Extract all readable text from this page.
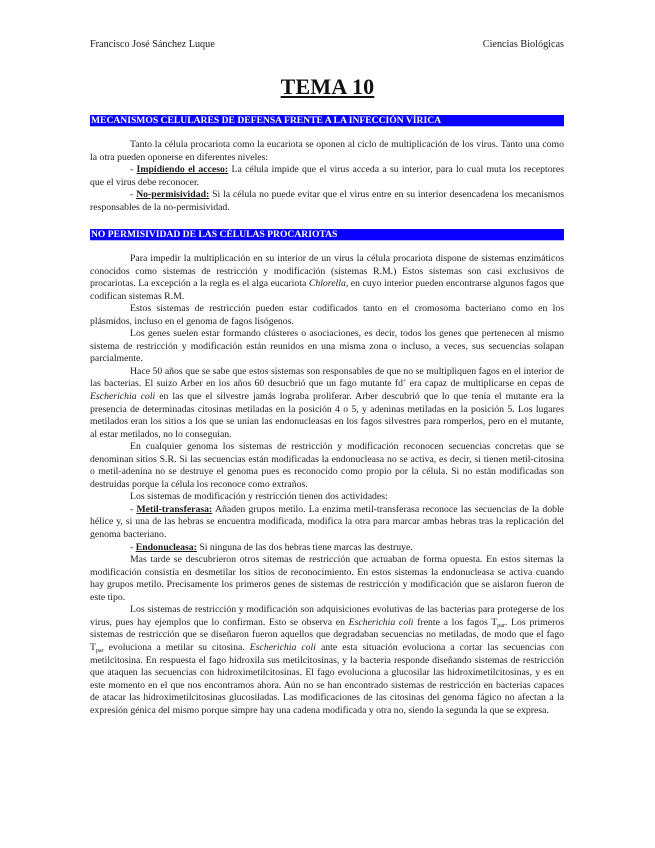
Francisco José Sánchez Luque	Ciencias Biológicas
TEMA 10
MECANISMOS CELULARES DE DEFENSA FRENTE A LA INFECCIÓN VÍRICA

Tanto la célula procariota como la eucariota se oponen al ciclo de multiplicación de los virus. Tanto una como la otra pueden oponerse en diferentes niveles:

- Impidiendo el acceso: La célula impide que el virus acceda a su interior, para lo cual muta los receptores que el virus debe reconocer.

- No-permisividad: Si la célula no puede evitar que el virus entre en su interior desencadena los mecanismos responsables de la no-permisividad.

NO PERMISIVIDAD DE LAS CÉLULAS PROCARIOTAS

Para impedir la multiplicación en su interior de un virus la célula procariota dispone de sistemas enzimáticos conocidos como sistemas de restricción y modificación (sistemas R.M.) Estos sistemas son casi exclusivos de procariotas. La excepción a la regla es el alga eucariota Chlorella, en cuyo interior pueden encontrarse algunos fagos que codifican sistemas R.M.

Estos sistemas de restricción pueden estar codificados tanto en el cromosoma bacteriano como en los plásmidos, incluso en el genoma de fagos lisógenos.

Los genes suelen estar formando clústeres o asociaciones, es decir, todos los genes que pertenecen al mismo sistema de restricción y modificación están reunidos en una misma zona o incluso, a veces, sus secuencias solapan parcialmente.

Hace 50 años que se sabe que estos sistemas son responsables de que no se multipliquen fagos en el interior de las bacterias. El suizo Arber en los años 60 desucbrió que un fago mutante fd+ era capaz de multiplicarse en cepas de Escherichia coli en las que el silvestre jamás lograba proliferar. Arber descubrió que lo que tenía el mutante era la presencia de determinadas citosinas metiladas en la posición 4 o 5, y adeninas metiladas en la posición 5. Los lugares metilados eran los sitios a los que se unían las endonucleasas en los fagos silvestres para romperlos, pero en el mutante, al estar metilados, no lo conseguían.

En cualquier genoma los sistemas de restricción y modificación reconocen secuencias concretas que se denominan sitios S.R. Si las secuencias están modificadas la endonucleasa no se activa, es decir, si tienen metil-citosina o metil-adenina no se destruye el genoma pues es reconocido como propio por la célula. Si no están modificadas son destruidas porque la célula los reconoce como extraños.

Los sistemas de modificación y restricción tienen dos actividades:

- Metil-transferasa: Añaden grupos metilo. La enzima metil-transferasa reconoce las secuencias de la doble hélice y, si una de las hebras se encuentra modificada, modifica la otra para marcar ambas hebras tras la replicación del genoma bacteriano.

- Endonucleasa: Si ninguna de las dos hebras tiene marcas las destruye.

Mas tarde se descubrieron otros sitemas de restricción que actuaban de forma opuesta. En estos sitemas la modificación consistía en desmetilar los sitios de reconocimiento. En estos sistemas la endonucleasa se activa cuando hay grupos metilo. Precisamente los primeros genes de sistemas de restricción y modificación que se aislaron fueron de este tipo.

Los sistemas de restricción y modificación son adquisiciones evolutivas de las bacterias para protegerse de los virus, pues hay ejemplos que lo confirman. Esto se observa en Escherichia coli frente a los fagos $T_{par}$. Los primeros sistemas de restricción que se diseñaron fueron aquellos que degradaban secuencias no metiladas, de modo que el fago $T_{par}$ evoluciona a metilar su citosina. Escherichia coli ante esta situación evoluciona a cortar las secuencias con metilcitosina. En respuesta el fago hidroxila sus metilcitosinas, y la bacteria responde diseñando sistemas de restricción que ataquen las secuencias con hidroximetilcitosinas. El fago evoluciona a glucosilar las hidroximetilcitosinas, y es en este momento en el que nos encontramos ahora. Aún no se han encontrado sistemas de restricción en bacterias capaces de atacar las hidroximetilcitosinas glucosiladas. Las modificaciones de las citosinas del genoma fágico no afectan a la expresión génica del mismo porque simpre hay una cadena modificada y otra no, siendo la segunda la que se expresa.
